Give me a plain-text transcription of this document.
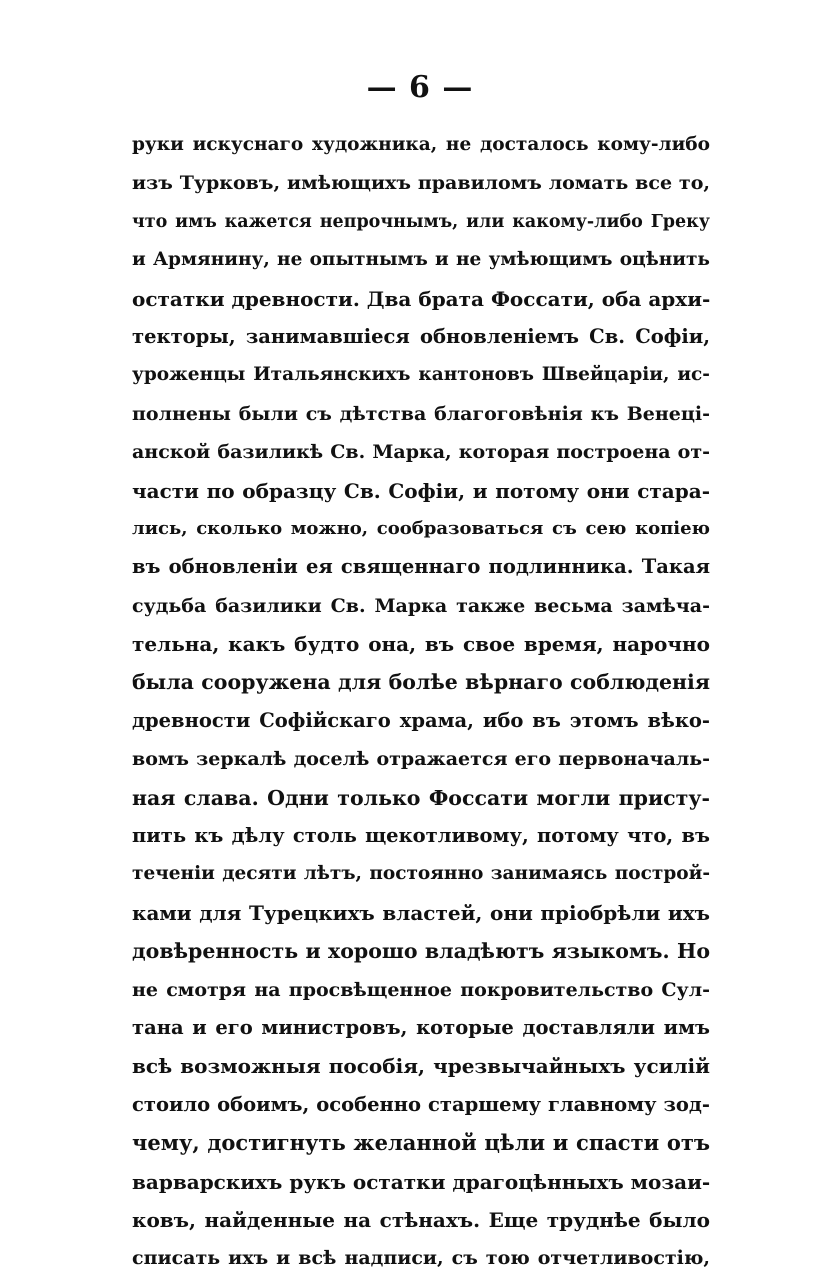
— 6 —
руки искуснаго художника, не досталось кому-либо
изъ Турковъ, имѣющихъ правиломъ ломать все то,
что имъ кажется непрочнымъ, или какому-либо Греку
и Армянину, не опытнымъ и не умѣющимъ оцѣнить
остатки древности. Два брата Фоссати, оба архи-
текторы, занимавшіеся обновленіемъ Св. Софіи,
уроженцы Итальянскихъ кантоновъ Швейцаріи, ис-
полнены были съ дѣтства благоговѣнія къ Венеці-
анской базиликѣ Св. Марка, которая построена от-
части по образцу Св. Софіи, и потому они стара-
лись, сколько можно, сообразоваться съ сею копіею
въ обновленіи ея священнаго подлинника. Такая
судьба базилики Св. Марка также весьма замѣча-
тельна, какъ будто она, въ свое время, нарочно
была сооружена для болѣе вѣрнаго соблюденія
древности Софійскаго храма, ибо въ этомъ вѣко-
вомъ зеркалѣ доселѣ отражается его первоначаль-
ная слава. Одни только Фоссати могли присту-
пить къ дѣлу столь щекотливому, потому что, въ
теченіи десяти лѣтъ, постоянно занимаясь построй-
ками для Турецкихъ властей, они пріобрѣли ихъ
довѣренность и хорошо владѣютъ языкомъ. Но
не смотря на просвѣщенное покровительство Сул-
тана и его министровъ, которые доставляли имъ
всѣ возможныя пособія, чрезвычайныхъ усилій
стоило обоимъ, особенно старшему главному зод-
чему, достигнуть желанной цѣли и спасти отъ
варварскихъ рукъ остатки драгоцѣнныхъ мозаи-
ковъ, найденные на стѣнахъ. Еще труднѣе было
списать ихъ и всѣ надписи, съ тою отчетливостію,
